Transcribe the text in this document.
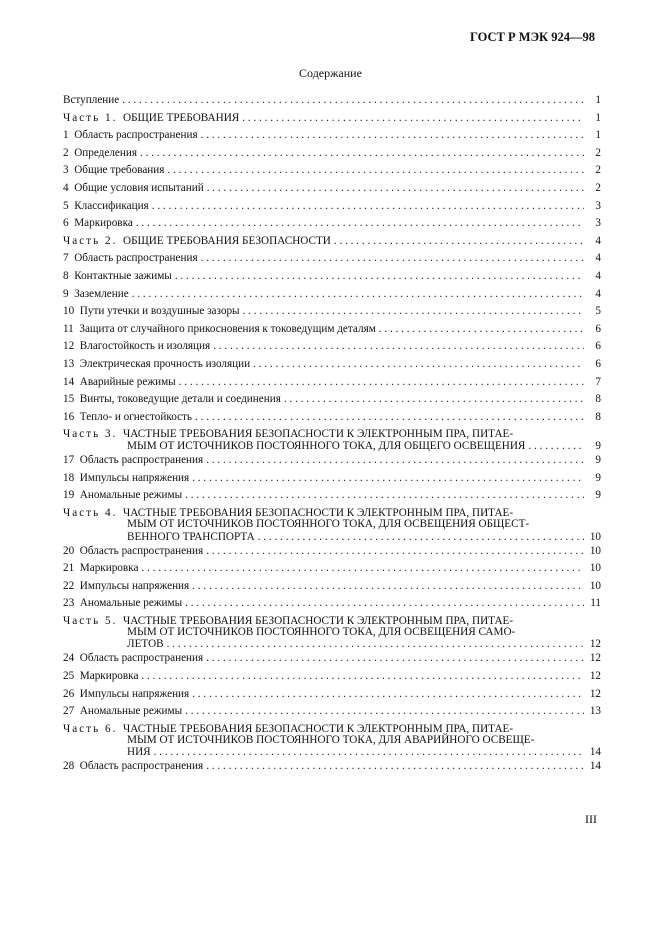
ГОСТ Р МЭК 924—98
Содержание
Вступление . . .	1
Часть 1.
ОБЩИЕ ТРЕБОВАНИЯ . . .	1
1  Область распространения . . .	1
2  Определения . . .	2
3  Общие требования . . .	2
4  Общие условия испытаний . . .	2
5  Классификация . . .	3
6  Маркировка . . .	3
Часть 2.
ОБЩИЕ ТРЕБОВАНИЯ БЕЗОПАСНОСТИ . . .	4
7  Область распространения . . .	4
8  Контактные зажимы . . .	4
9  Заземление . . .	4
10  Пути утечки и воздушные зазоры . . .	5
11  Защита от случайного прикосновения к токоведущим деталям . . .	6
12  Влагостойкость и изоляция . . .	6
13  Электрическая прочность изоляции . . .	6
14  Аварийные режимы . . .	7
15  Винты, токоведущие детали и соединения . . .	8
16  Тепло- и огнестойкость . . .	8
Часть 3.
ЧАСТНЫЕ ТРЕБОВАНИЯ БЕЗОПАСНОСТИ К ЭЛЕКТРОННЫМ ПРА, ПИТАЕ-
МЫМ ОТ ИСТОЧНИКОВ ПОСТОЯННОГО ТОКА, ДЛЯ ОБЩЕГО ОСВЕЩЕНИЯ . . .	9
17  Область распространения . . .	9
18  Импульсы напряжения . . .	9
19  Аномальные режимы . . .	9
Часть 4.
ЧАСТНЫЕ ТРЕБОВАНИЯ БЕЗОПАСНОСТИ К ЭЛЕКТРОННЫМ ПРА, ПИТАЕ-
МЫМ ОТ ИСТОЧНИКОВ ПОСТОЯННОГО ТОКА, ДЛЯ ОСВЕЩЕНИЯ ОБЩЕСТ-
ВЕННОГО ТРАНСПОРТА . . .	10
20  Область распространения . . .	10
21  Маркировка . . .	10
22  Импульсы напряжения . . .	10
23  Аномальные режимы . . .	11
Часть 5.
ЧАСТНЫЕ ТРЕБОВАНИЯ БЕЗОПАСНОСТИ К ЭЛЕКТРОННЫМ ПРА, ПИТАЕ-
МЫМ ОТ ИСТОЧНИКОВ ПОСТОЯННОГО ТОКА, ДЛЯ ОСВЕЩЕНИЯ САМО-
ЛЕТОВ . . .	12
24  Область распространения . . .	12
25  Маркировка . . .	12
26  Импульсы напряжения . . .	12
27  Аномальные режимы . . .	13
Часть 6.
ЧАСТНЫЕ ТРЕБОВАНИЯ БЕЗОПАСНОСТИ К ЭЛЕКТРОННЫМ ПРА, ПИТАЕ-
МЫМ ОТ ИСТОЧНИКОВ ПОСТОЯННОГО ТОКА, ДЛЯ АВАРИЙНОГО ОСВЕЩЕ-
НИЯ . . .	14
28  Область распространения . . .	14
III
